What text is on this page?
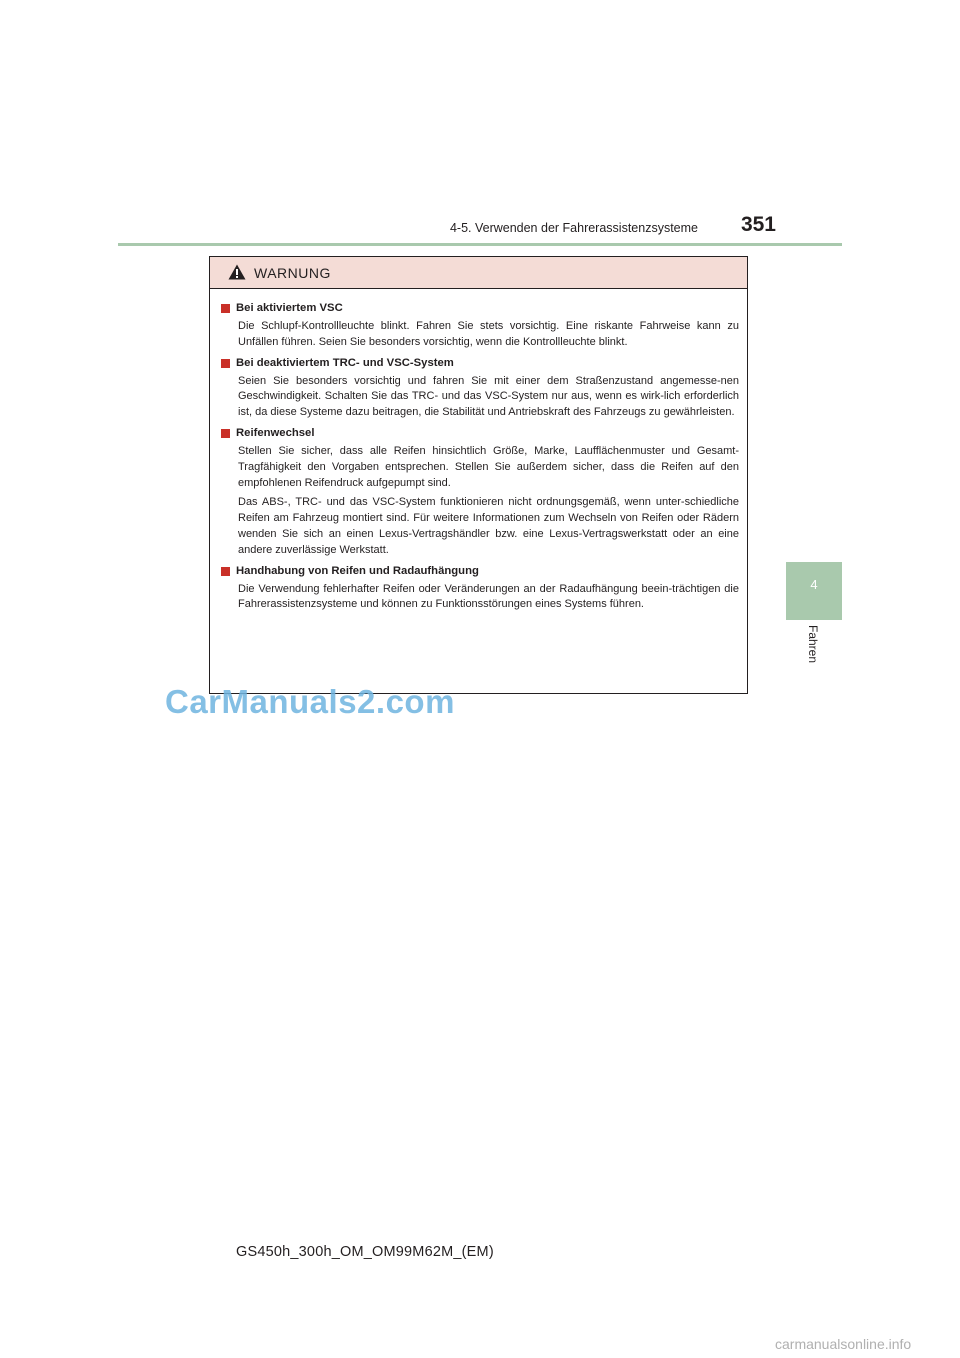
4-5. Verwenden der Fahrerassistenzsysteme	351
4
Fahren
WARNUNG
Bei aktiviertem VSC

Die Schlupf-Kontrollleuchte blinkt. Fahren Sie stets vorsichtig. Eine riskante Fahrweise kann zu Unfällen führen. Seien Sie besonders vorsichtig, wenn die Kontrollleuchte blinkt.

Bei deaktiviertem TRC- und VSC-System

Seien Sie besonders vorsichtig und fahren Sie mit einer dem Straßenzustand angemesse-nen Geschwindigkeit. Schalten Sie das TRC- und das VSC-System nur aus, wenn es wirk-lich erforderlich ist, da diese Systeme dazu beitragen, die Stabilität und Antriebskraft des Fahrzeugs zu gewährleisten.

Reifenwechsel

Stellen Sie sicher, dass alle Reifen hinsichtlich Größe, Marke, Laufflächenmuster und Gesamt-Tragfähigkeit den Vorgaben entsprechen. Stellen Sie außerdem sicher, dass die Reifen auf den empfohlenen Reifendruck aufgepumpt sind.

Das ABS-, TRC- und das VSC-System funktionieren nicht ordnungsgemäß, wenn unter-schiedliche Reifen am Fahrzeug montiert sind. Für weitere Informationen zum Wechseln von Reifen oder Rädern wenden Sie sich an einen Lexus-Vertragshändler bzw. eine Lexus-Vertragswerkstatt oder an eine andere zuverlässige Werkstatt.

Handhabung von Reifen und Radaufhängung

Die Verwendung fehlerhafter Reifen oder Veränderungen an der Radaufhängung beein-trächtigen die Fahrerassistenzsysteme und können zu Funktionsstörungen eines Systems führen.

CarManuals2.com
GS450h_300h_OM_OM99M62M_(EM)
carmanualsonline.info
